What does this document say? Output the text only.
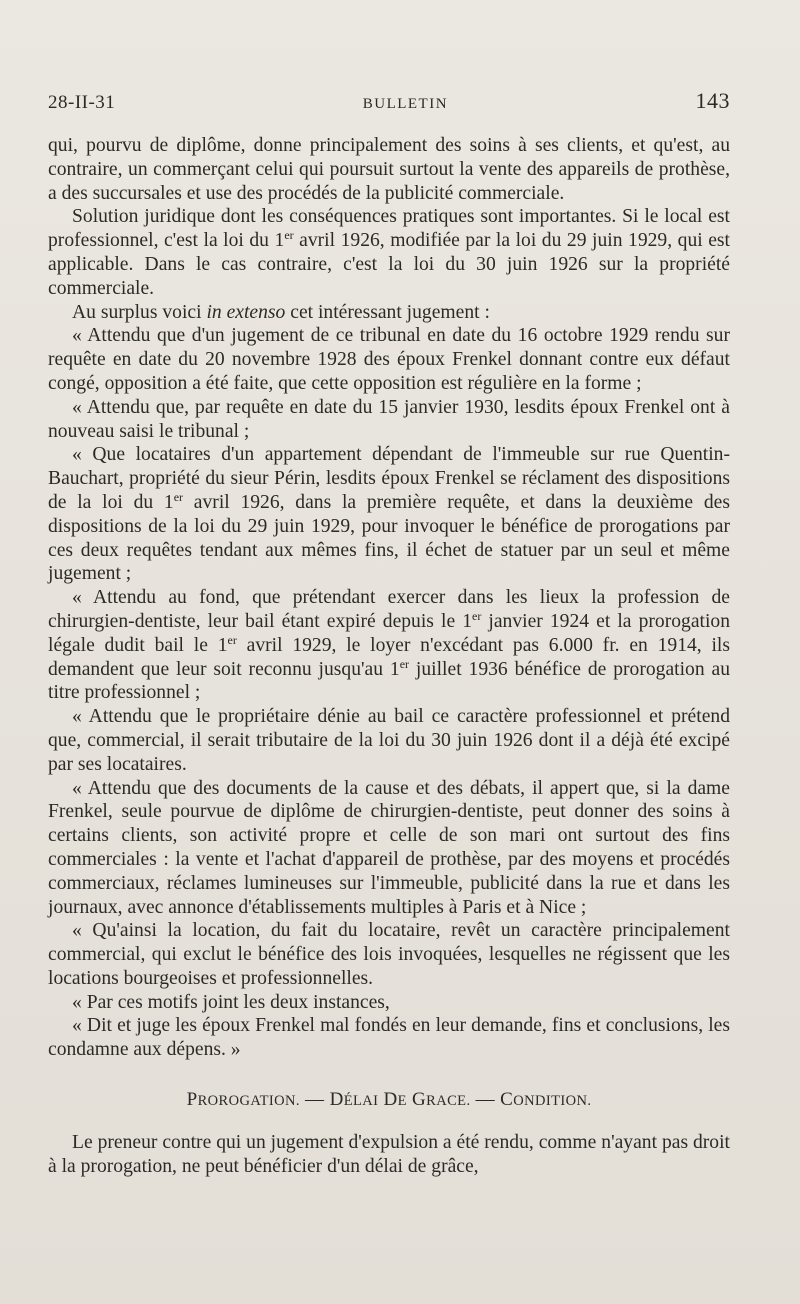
28-II-31	BULLETIN	143

qui, pourvu de diplôme, donne principalement des soins à ses clients, et qu'est, au contraire, un commerçant celui qui poursuit surtout la vente des appareils de prothèse, a des succursales et use des procédés de la publicité commerciale.

Solution juridique dont les conséquences pratiques sont importantes. Si le local est professionnel, c'est la loi du 1er avril 1926, modifiée par la loi du 29 juin 1929, qui est applicable. Dans le cas contraire, c'est la loi du 30 juin 1926 sur la propriété commerciale.

Au surplus voici in extenso cet intéressant jugement :

« Attendu que d'un jugement de ce tribunal en date du 16 octobre 1929 rendu sur requête en date du 20 novembre 1928 des époux Frenkel donnant contre eux défaut congé, opposition a été faite, que cette opposition est régulière en la forme ;

« Attendu que, par requête en date du 15 janvier 1930, lesdits époux Frenkel ont à nouveau saisi le tribunal ;

« Que locataires d'un appartement dépendant de l'immeuble sur rue Quentin-Bauchart, propriété du sieur Périn, lesdits époux Frenkel se réclament des dispositions de la loi du 1er avril 1926, dans la première requête, et dans la deuxième des dispositions de la loi du 29 juin 1929, pour invoquer le bénéfice de prorogations par ces deux requêtes tendant aux mêmes fins, il échet de statuer par un seul et même jugement ;

« Attendu au fond, que prétendant exercer dans les lieux la profession de chirurgien-dentiste, leur bail étant expiré depuis le 1er janvier 1924 et la prorogation légale dudit bail le 1er avril 1929, le loyer n'excédant pas 6.000 fr. en 1914, ils demandent que leur soit reconnu jusqu'au 1er juillet 1936 bénéfice de prorogation au titre professionnel ;

« Attendu que le propriétaire dénie au bail ce caractère professionnel et prétend que, commercial, il serait tributaire de la loi du 30 juin 1926 dont il a déjà été excipé par ses locataires.

« Attendu que des documents de la cause et des débats, il appert que, si la dame Frenkel, seule pourvue de diplôme de chirurgien-dentiste, peut donner des soins à certains clients, son activité propre et celle de son mari ont surtout des fins commerciales : la vente et l'achat d'appareil de prothèse, par des moyens et procédés commerciaux, réclames lumineuses sur l'immeuble, publicité dans la rue et dans les journaux, avec annonce d'établissements multiples à Paris et à Nice ;

« Qu'ainsi la location, du fait du locataire, revêt un caractère principalement commercial, qui exclut le bénéfice des lois invoquées, lesquelles ne régissent que les locations bourgeoises et professionnelles.

« Par ces motifs joint les deux instances,

« Dit et juge les époux Frenkel mal fondés en leur demande, fins et conclusions, les condamne aux dépens. »

PROROGATION. — DÉLAI DE GRACE. — CONDITION.

Le preneur contre qui un jugement d'expulsion a été rendu, comme n'ayant pas droit à la prorogation, ne peut bénéficier d'un délai de grâce,
